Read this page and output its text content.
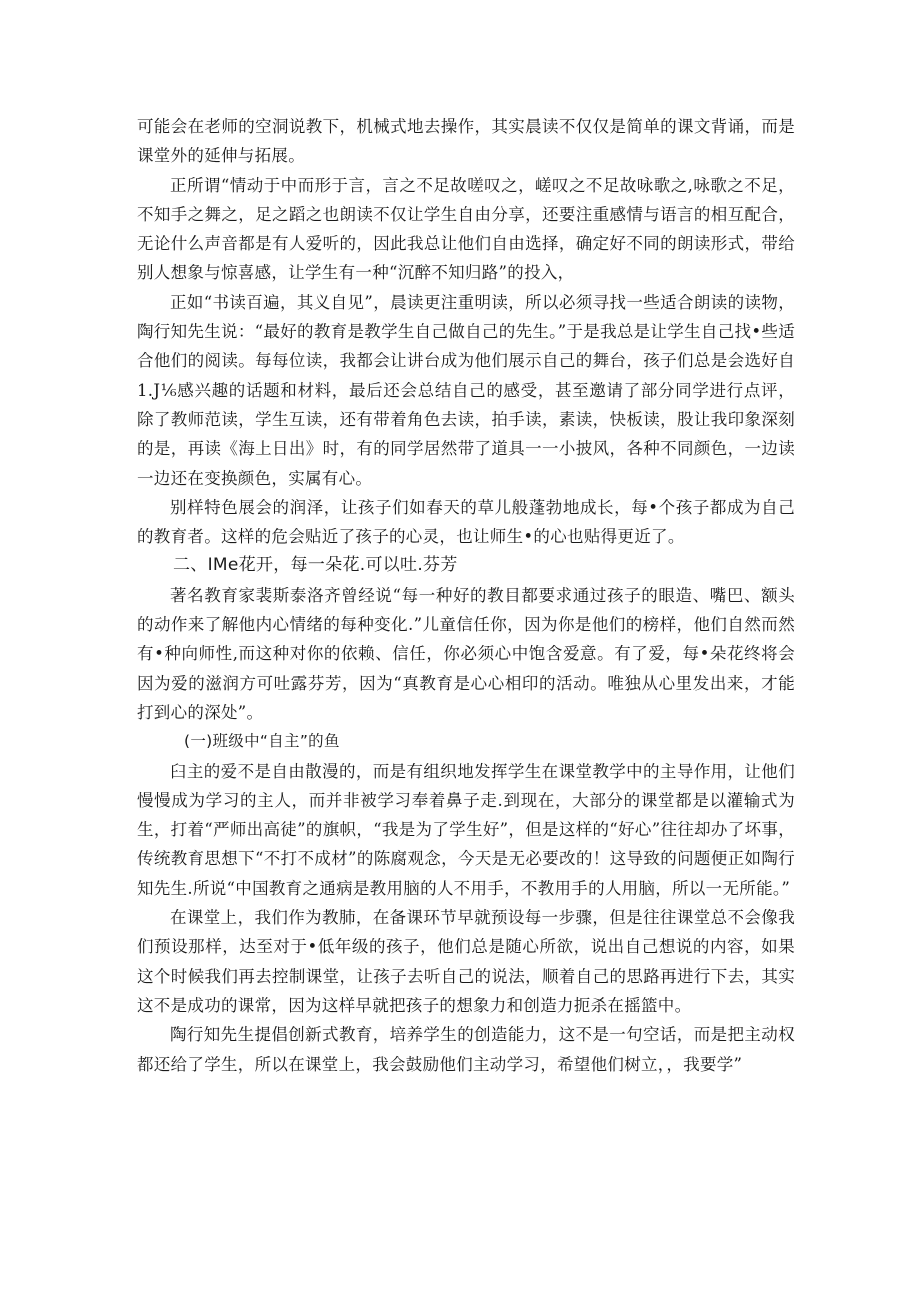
可能会在老师的空洞说教下，机械式地去操作，其实晨读不仅仅是简单的课文背诵，而是课堂外的延伸与拓展。

正所谓“情动于中而形于言，言之不足故嗟叹之，嵯叹之不足故咏歌之,咏歌之不足，不知手之舞之，足之蹈之也朗读不仅让学生自由分享，还要注重感情与语言的相互配合，无论什么声音都是有人爱听的，因此我总让他们自由选择，确定好不同的朗读形式，带给别人想象与惊喜感，让学生有一种“沉醉不知归路”的投入，

正如“书读百遍，其义自见”，晨读更注重明读，所以必须寻找一些适合朗读的读物，陶行知先生说：“最好的教育是教学生自己做自己的先生。”于是我总是让学生自己找•些适合他们的阅读。每每位读，我都会让讲台成为他们展示自己的舞台，孩子们总是会选好自1.J⅙感兴趣的话题和材料，最后还会总结自己的感受，甚至邀请了部分同学进行点评，除了教师范读，学生互读，还有带着角色去读，拍手读，素读，快板读，股让我印象深刻的是，再读《海上日出》时，有的同学居然带了道具一一小披风，各种不同颜色，一边读一边还在变换颜色，实属有心。

别样特色展会的润泽，让孩子们如春天的草儿般蓬勃地成长，每•个孩子都成为自己的教育者。这样的危会贴近了孩子的心灵，也让师生•的心也贴得更近了。

二、IMe花开，每一朵花.可以吐.芬芳

著名教育家裴斯泰洛齐曾经说“每一种好的教目都要求通过孩子的眼造、嘴巴、额头的动作来了解他内心情绪的每种变化.”儿童信任你，因为你是他们的榜样，他们自然而然有•种向师性,而这种对你的依赖、信任，你必须心中饱含爱意。有了爱，每•朵花终将会因为爱的滋润方可吐露芬芳，因为“真教育是心心相印的活动。唯独从心里发出来，才能打到心的深处”。

(一)班级中“自主”的鱼

臼主的爱不是自由散漫的，而是有组织地发挥学生在课堂教学中的主导作用，让他们慢慢成为学习的主人，而并非被学习奉着鼻子走.到现在，大部分的课堂都是以灌输式为生，打着“严师出高徒”的旗帜，“我是为了学生好”，但是这样的“好心”往往却办了坏事，传统教育思想下“不打不成材”的陈腐观念，今天是无必要改的！这导致的问题便正如陶行知先生.所说“中国教育之通病是教用脑的人不用手，不教用手的人用脑，所以一无所能。”

在课堂上，我们作为教肺，在备课环节早就预设每一步骤，但是往往课堂总不会像我们预设那样，达至对于•低年级的孩子，他们总是随心所欲，说出自己想说的内容，如果这个时候我们再去控制课堂，让孩子去听自己的说法，顺着自己的思路再进行下去，其实这不是成功的课常，因为这样早就把孩子的想象力和创造力扼杀在摇篮中。

陶行知先生提倡创新式教育，培养学生的创造能力，这不是一句空话，而是把主动权都还给了学生，所以在课堂上，我会鼓励他们主动学习，希望他们树立，，我要学”
